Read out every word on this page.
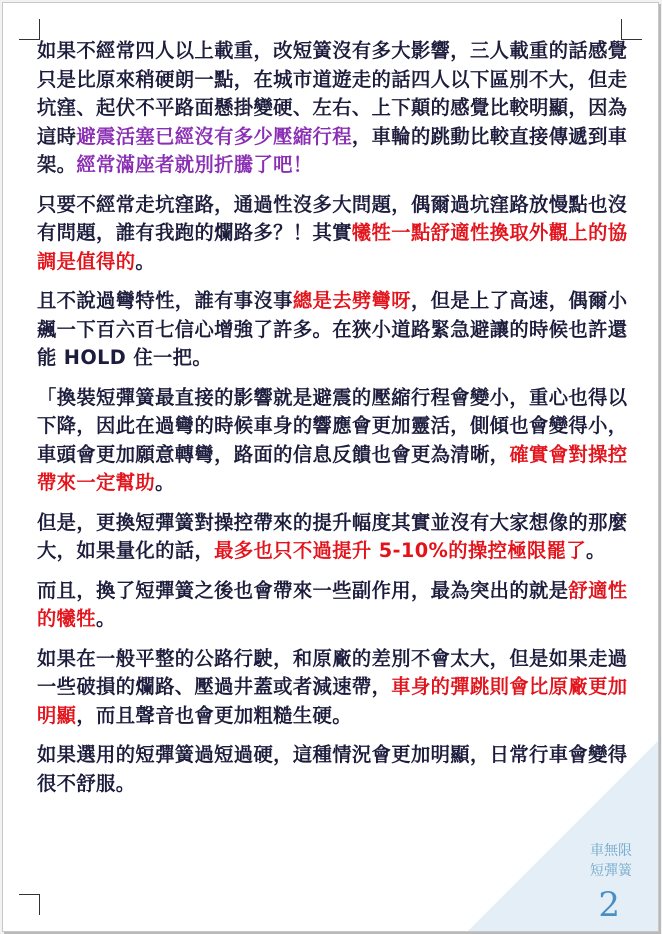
如果不經常四人以上載重，改短簧沒有多大影響，三人載重的話感覺只是比原來稍硬朗一點，在城市道遊走的話四人以下區別不大，但走坑窪、起伏不平路面懸掛變硬、左右、上下顛的感覺比較明顯，因為這時避震活塞已經沒有多少壓縮行程，車輪的跳動比較直接傳遞到車架。經常滿座者就別折騰了吧！

只要不經常走坑窪路，通過性沒多大問題，偶爾過坑窪路放慢點也沒有問題，誰有我跑的爛路多？！其實犧牲一點舒適性換取外觀上的協調是值得的。

且不說過彎特性，誰有事沒事總是去劈彎呀，但是上了高速，偶爾小飆一下百六百七信心增強了許多。在狹小道路緊急避讓的時候也許還能 HOLD 住一把。

「換裝短彈簧最直接的影響就是避震的壓縮行程會變小，重心也得以下降，因此在過彎的時候車身的響應會更加靈活，側傾也會變得小，車頭會更加願意轉彎，路面的信息反饋也會更為清晰，確實會對操控帶來一定幫助。

但是，更換短彈簧對操控帶來的提升幅度其實並沒有大家想像的那麼大，如果量化的話，最多也只不過提升 5-10%的操控極限罷了。

而且，換了短彈簧之後也會帶來一些副作用，最為突出的就是舒適性的犧牲。

如果在一般平整的公路行駛，和原廠的差別不會太大，但是如果走過一些破損的爛路、壓過井蓋或者減速帶，車身的彈跳則會比原廠更加明顯，而且聲音也會更加粗糙生硬。

如果選用的短彈簧過短過硬，這種情況會更加明顯，日常行車會變得很不舒服。

車無限
短彈簧
2
